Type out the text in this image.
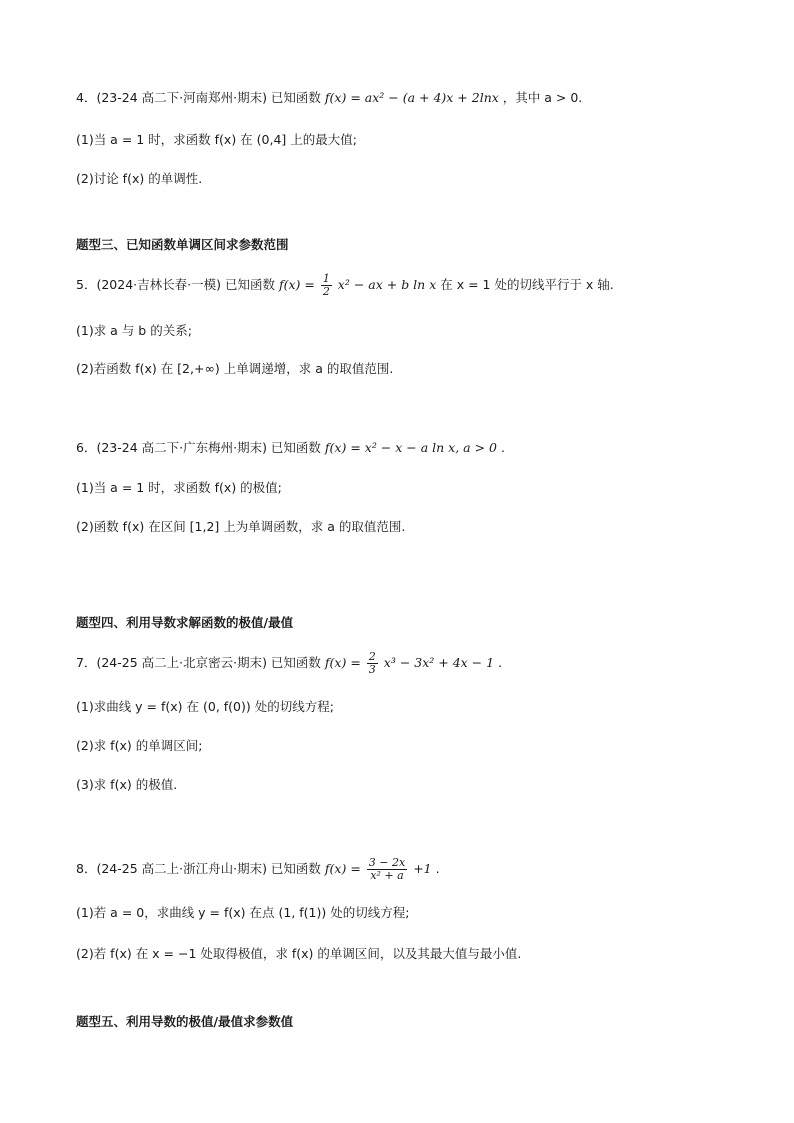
4．(23-24 高二下·河南郑州·期末) 已知函数 f(x) = ax² − (a + 4)x + 2lnx ，其中 a > 0.
(1)当 a = 1 时，求函数 f(x) 在 (0,4] 上的最大值;
(2)讨论 f(x) 的单调性.
题型三、已知函数单调区间求参数范围
5．(2024·吉林长春·一模) 已知函数 $f(x) = \frac{1}{2} x^2$ − ax + b ln x 在 x = 1 处的切线平行于 x 轴.
(1)求 a 与 b 的关系;
(2)若函数 f(x) 在 [2,+∞) 上单调递增，求 a 的取值范围.
6．(23-24 高二下·广东梅州·期末) 已知函数 f(x) = x² − x − a ln x, a > 0 .
(1)当 a = 1 时，求函数 f(x) 的极值;
(2)函数 f(x) 在区间 [1,2] 上为单调函数，求 a 的取值范围.
题型四、利用导数求解函数的极值/最值
7．(24-25 高二上·北京密云·期末) 已知函数 $f(x) = \frac{2}{3} x^3 - 3x^2 + 4x - 1$ .
(1)求曲线 y = f(x) 在 (0, f(0)) 处的切线方程;
(2)求 f(x) 的单调区间;
(3)求 f(x) 的极值.
8．(24-25 高二上·浙江舟山·期末) 已知函数 $f(x) = \frac{3 - 2x}{\text{x² + a}} +1$ .
(1)若 a = 0，求曲线 y = f(x) 在点 (1, f(1)) 处的切线方程;
(2)若 f(x) 在 x = −1 处取得极值，求 f(x) 的单调区间，以及其最大值与最小值.
题型五、利用导数的极值/最值求参数值
